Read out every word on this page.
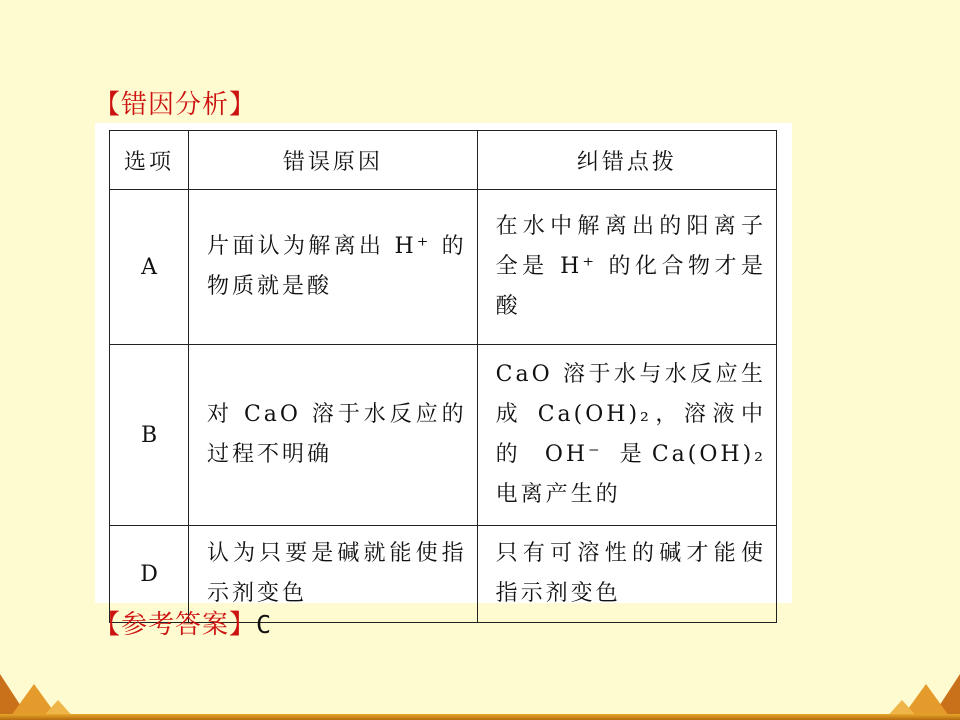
【错因分析】
选项	错误原因	纠错点拨
A	片面认为解离出 H⁺ 的物质就是酸	在水中解离出的阳离子全是 H⁺ 的化合物才是酸
B	对 CaO 溶于水反应的过程不明确	CaO 溶于水与水反应生成 Ca(OH)₂，溶液中的 OH⁻ 是Ca(OH)₂ 电离产生的
D	认为只要是碱就能使指示剂变色	只有可溶性的碱才能使指示剂变色
【参考答案】C
